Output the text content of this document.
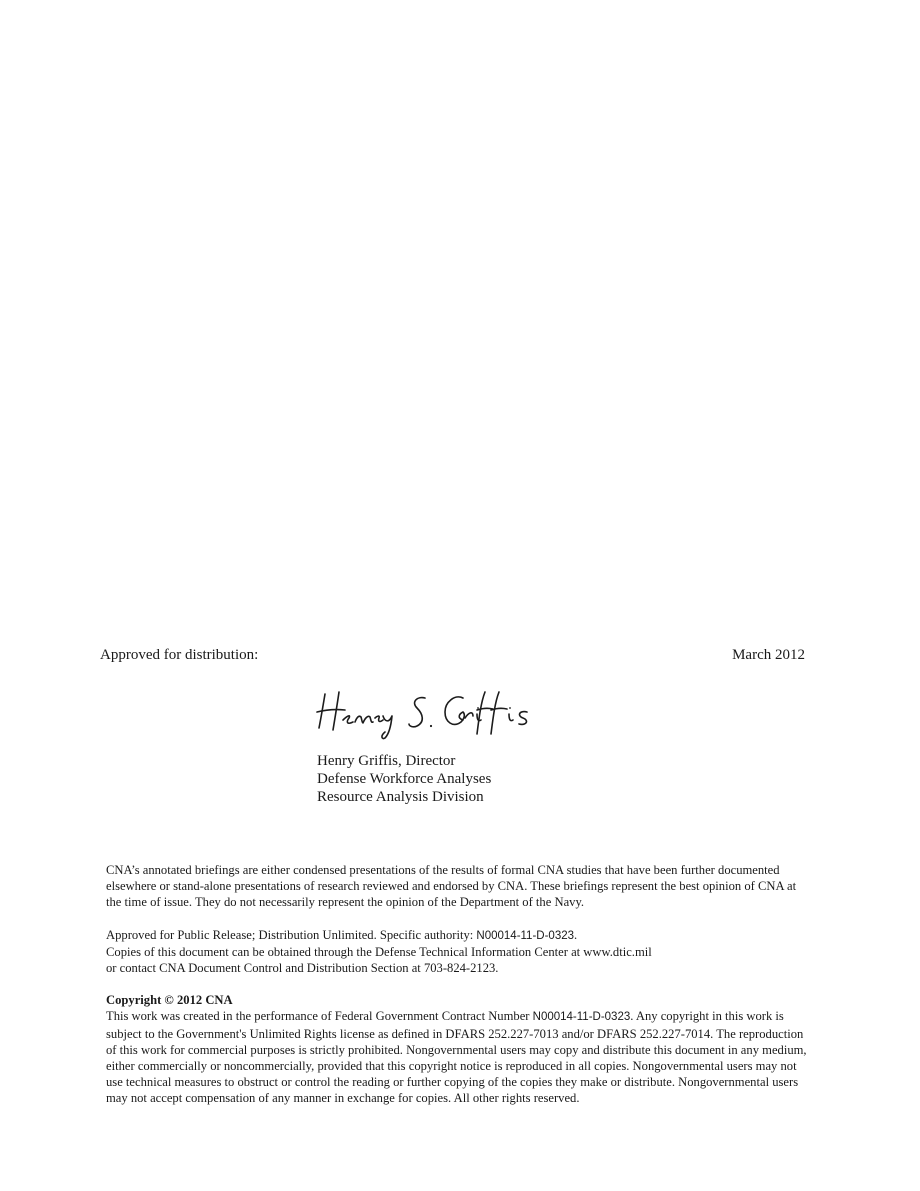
Approved for distribution:	March 2012
Henry Griffis, Director
Defense Workforce Analyses
Resource Analysis Division

CNA’s annotated briefings are either condensed presentations of the results of formal CNA studies that have been further documented elsewhere or stand-alone presentations of research reviewed and endorsed by CNA. These briefings represent the best opinion of CNA at the time of issue. They do not necessarily represent the opinion of the Department of the Navy.

Approved for Public Release; Distribution Unlimited. Specific authority: N00014-11-D-0323.
Copies of this document can be obtained through the Defense Technical Information Center at www.dtic.mil
or contact CNA Document Control and Distribution Section at 703-824-2123.

Copyright © 2012 CNA
This work was created in the performance of Federal Government Contract Number N00014-11-D-0323. Any copyright in this work is subject to the Government's Unlimited Rights license as defined in DFARS 252.227-7013 and/or DFARS 252.227-7014. The reproduction of this work for commercial purposes is strictly prohibited. Nongovernmental users may copy and distribute this document in any medium, either commercially or noncommercially, provided that this copyright notice is reproduced in all copies. Nongovernmental users may not use technical measures to obstruct or control the reading or further copying of the copies they make or distribute. Nongovernmental users may not accept compensation of any manner in exchange for copies. All other rights reserved.
